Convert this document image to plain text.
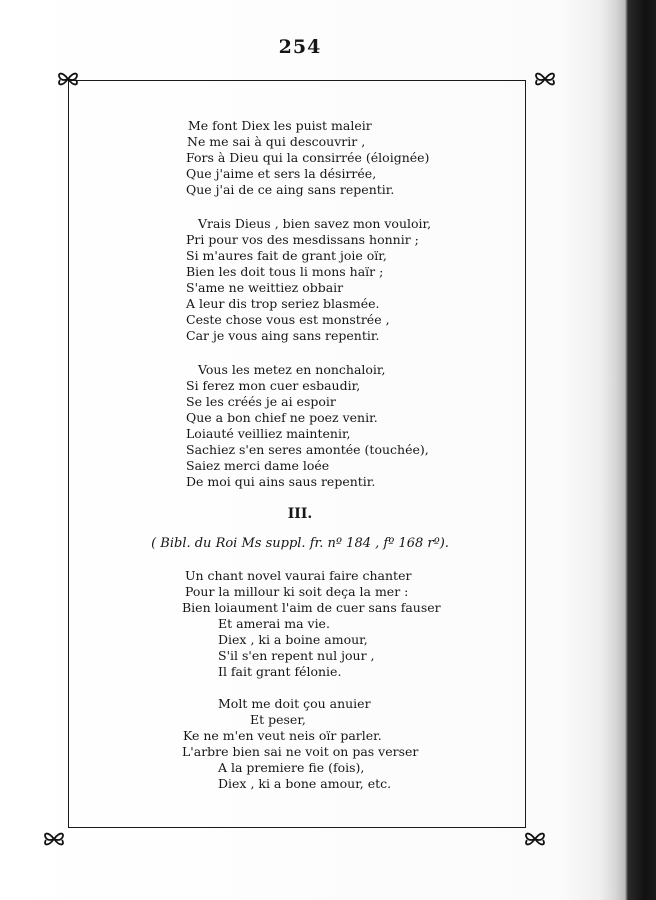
254
Me font Diex les puist maleir
Ne me sai à qui descouvrir ,
Fors à Dieu qui la consirrée (éloignée)
Que j'aime et sers la désirrée,
Que j'ai de ce aing sans repentir.
Vrais Dieus , bien savez mon vouloir,
Pri pour vos des mesdissans honnir ;
Si m'aures fait de grant joie oïr,
Bien les doit tous li mons haïr ;
S'ame ne weittiez obbair
A leur dis trop seriez blasmée.
Ceste chose vous est monstrée ,
Car je vous aing sans repentir.
Vous les metez en nonchaloir,
Si ferez mon cuer esbaudir,
Se les créés je ai espoir
Que a bon chief ne poez venir.
Loiauté veilliez maintenir,
Sachiez s'en seres amontée (touchée),
Saiez merci dame loée
De moi qui ains saus repentir.
III.
( Bibl. du Roi Ms suppl. fr. nº 184 , fº 168 rº).
Un chant novel vaurai faire chanter
Pour la millour ki soit deça la mer :
Bien loiaument l'aim de cuer sans fauser
Et amerai ma vie.
Diex , ki a boine amour,
S'il s'en repent nul jour ,
Il fait grant félonie.
Molt me doit çou anuier
Et peser,
Ke ne m'en veut neis oïr parler.
L'arbre bien sai ne voit on pas verser
A la premiere fie (fois),
Diex , ki a bone amour, etc.
